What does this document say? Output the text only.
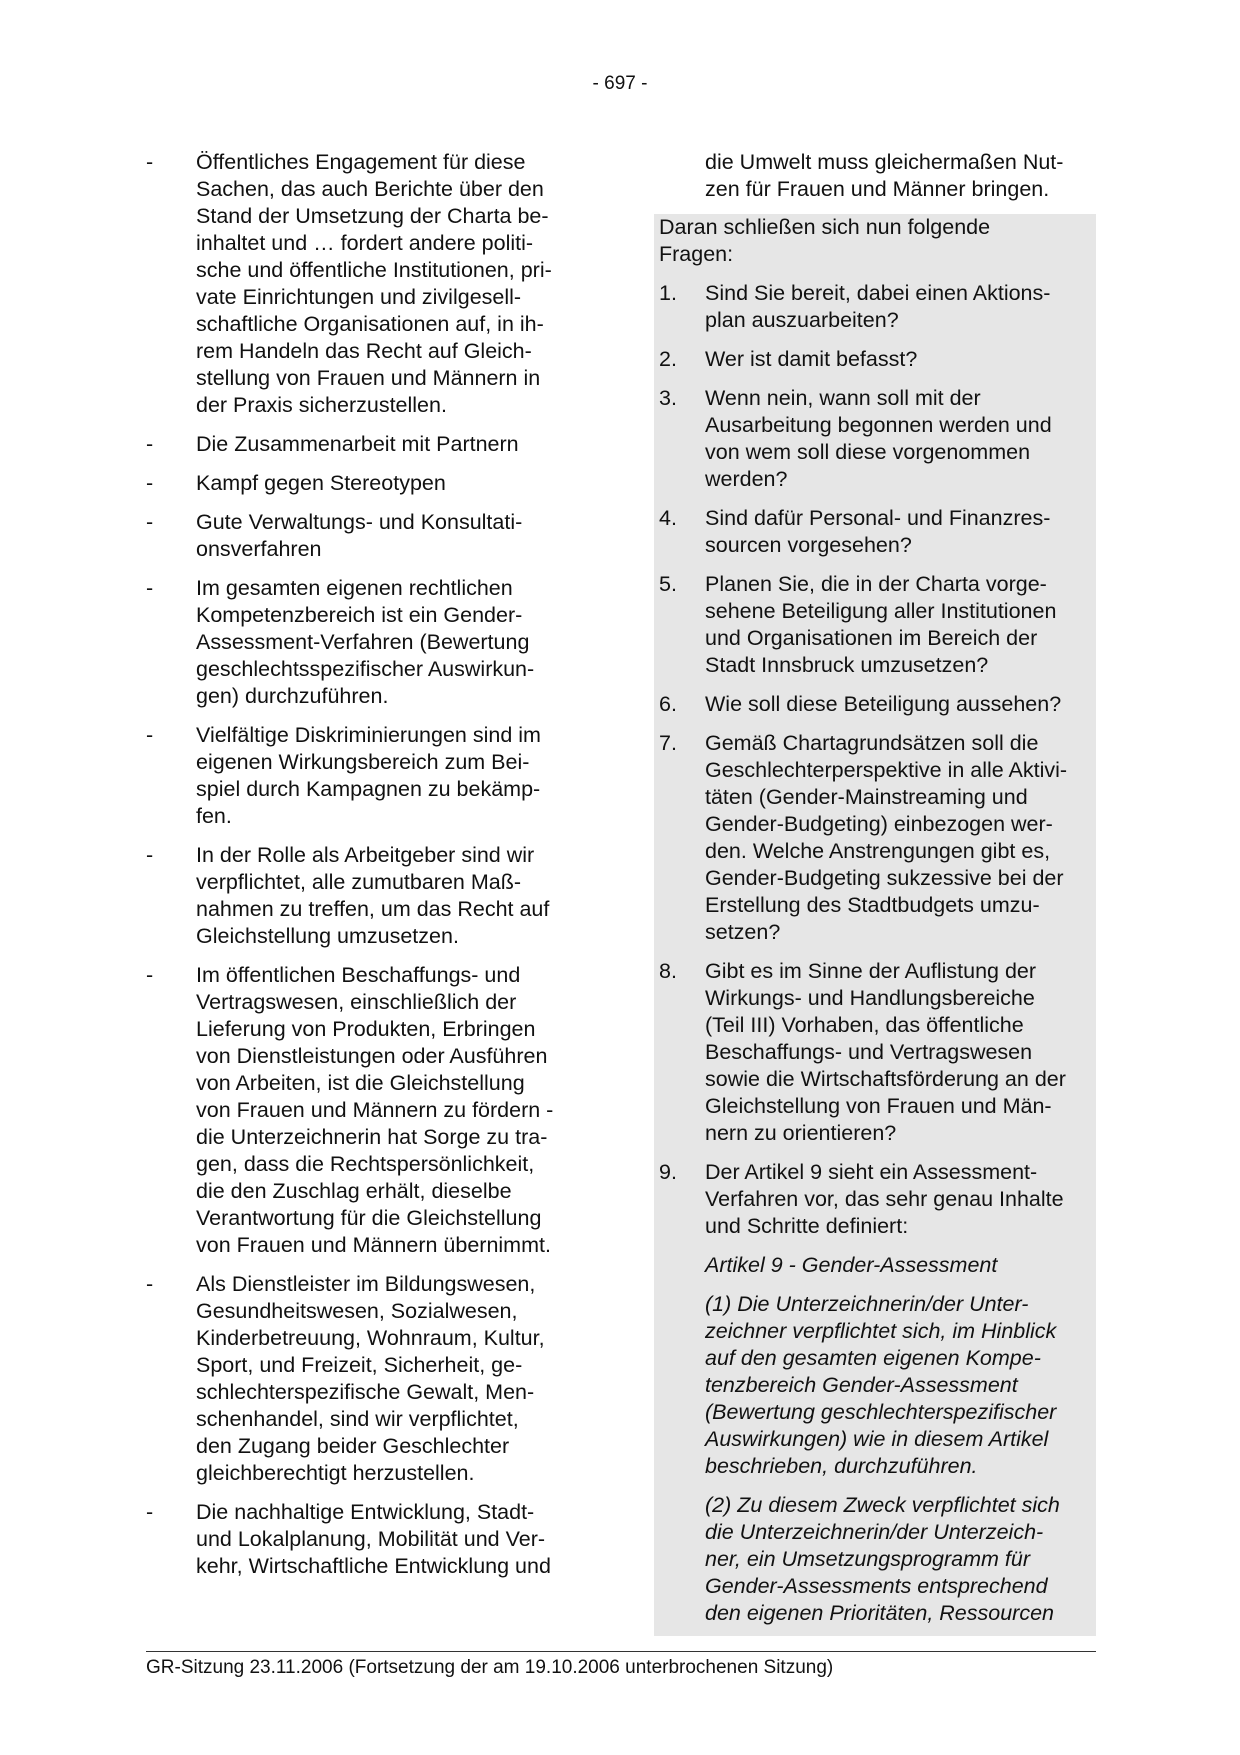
- 697 -
-	Öffentliches Engagement für diese
Sachen, das auch Berichte über den
Stand der Umsetzung der Charta be-
inhaltet und … fordert andere politi-
sche und öffentliche Institutionen, pri-
vate Einrichtungen und zivilgesell-
schaftliche Organisationen auf, in ih-
rem Handeln das Recht auf Gleich-
stellung von Frauen und Männern in
der Praxis sicherzustellen.
-	Die Zusammenarbeit mit Partnern
-	Kampf gegen Stereotypen
-	Gute Verwaltungs- und Konsultati-
onsverfahren
-	Im gesamten eigenen rechtlichen
Kompetenzbereich ist ein Gender-
Assessment-Verfahren (Bewertung
geschlechtsspezifischer Auswirkun-
gen) durchzuführen.
-	Vielfältige Diskriminierungen sind im
eigenen Wirkungsbereich zum Bei-
spiel durch Kampagnen zu bekämp-
fen.
-	In der Rolle als Arbeitgeber sind wir
verpflichtet, alle zumutbaren Maß-
nahmen zu treffen, um das Recht auf
Gleichstellung umzusetzen.
-	Im öffentlichen Beschaffungs- und
Vertragswesen, einschließlich der
Lieferung von Produkten, Erbringen
von Dienstleistungen oder Ausführen
von Arbeiten, ist die Gleichstellung
von Frauen und Männern zu fördern -
die Unterzeichnerin hat Sorge zu tra-
gen, dass die Rechtspersönlichkeit,
die den Zuschlag erhält, dieselbe
Verantwortung für die Gleichstellung
von Frauen und Männern übernimmt.
-	Als Dienstleister im Bildungswesen,
Gesundheitswesen, Sozialwesen,
Kinderbetreuung, Wohnraum, Kultur,
Sport, und Freizeit, Sicherheit, ge-
schlechterspezifische Gewalt, Men-
schenhandel, sind wir verpflichtet,
den Zugang beider Geschlechter
gleichberechtigt herzustellen.
-	Die nachhaltige Entwicklung, Stadt-
und Lokalplanung, Mobilität und Ver-
kehr, Wirtschaftliche Entwicklung und
die Umwelt muss gleichermaßen Nut-
zen für Frauen und Männer bringen.
Daran schließen sich nun folgende
Fragen:
1.	Sind Sie bereit, dabei einen Aktions-
plan auszuarbeiten?
2.	Wer ist damit befasst?
3.	Wenn nein, wann soll mit der
Ausarbeitung begonnen werden und
von wem soll diese vorgenommen
werden?
4.	Sind dafür Personal- und Finanzres-
sourcen vorgesehen?
5.	Planen Sie, die in der Charta vorge-
sehene Beteiligung aller Institutionen
und Organisationen im Bereich der
Stadt Innsbruck umzusetzen?
6.	Wie soll diese Beteiligung aussehen?
7.	Gemäß Chartagrundsätzen soll die
Geschlechterperspektive in alle Aktivi-
täten (Gender-Mainstreaming und
Gender-Budgeting) einbezogen wer-
den. Welche Anstrengungen gibt es,
Gender-Budgeting sukzessive bei der
Erstellung des Stadtbudgets umzu-
setzen?
8.	Gibt es im Sinne der Auflistung der
Wirkungs- und Handlungsbereiche
(Teil III) Vorhaben, das öffentliche
Beschaffungs- und Vertragswesen
sowie die Wirtschaftsförderung an der
Gleichstellung von Frauen und Män-
nern zu orientieren?
9.	Der Artikel 9 sieht ein Assessment-
Verfahren vor, das sehr genau Inhalte
und Schritte definiert:
Artikel 9 - Gender-Assessment
(1) Die Unterzeichnerin/der Unter-
zeichner verpflichtet sich, im Hinblick
auf den gesamten eigenen Kompe-
tenzbereich Gender-Assessment
(Bewertung geschlechterspezifischer
Auswirkungen) wie in diesem Artikel
beschrieben, durchzuführen.
(2) Zu diesem Zweck verpflichtet sich
die Unterzeichnerin/der Unterzeich-
ner, ein Umsetzungsprogramm für
Gender-Assessments entsprechend
den eigenen Prioritäten, Ressourcen
GR-Sitzung 23.11.2006 (Fortsetzung der am 19.10.2006 unterbrochenen Sitzung)
